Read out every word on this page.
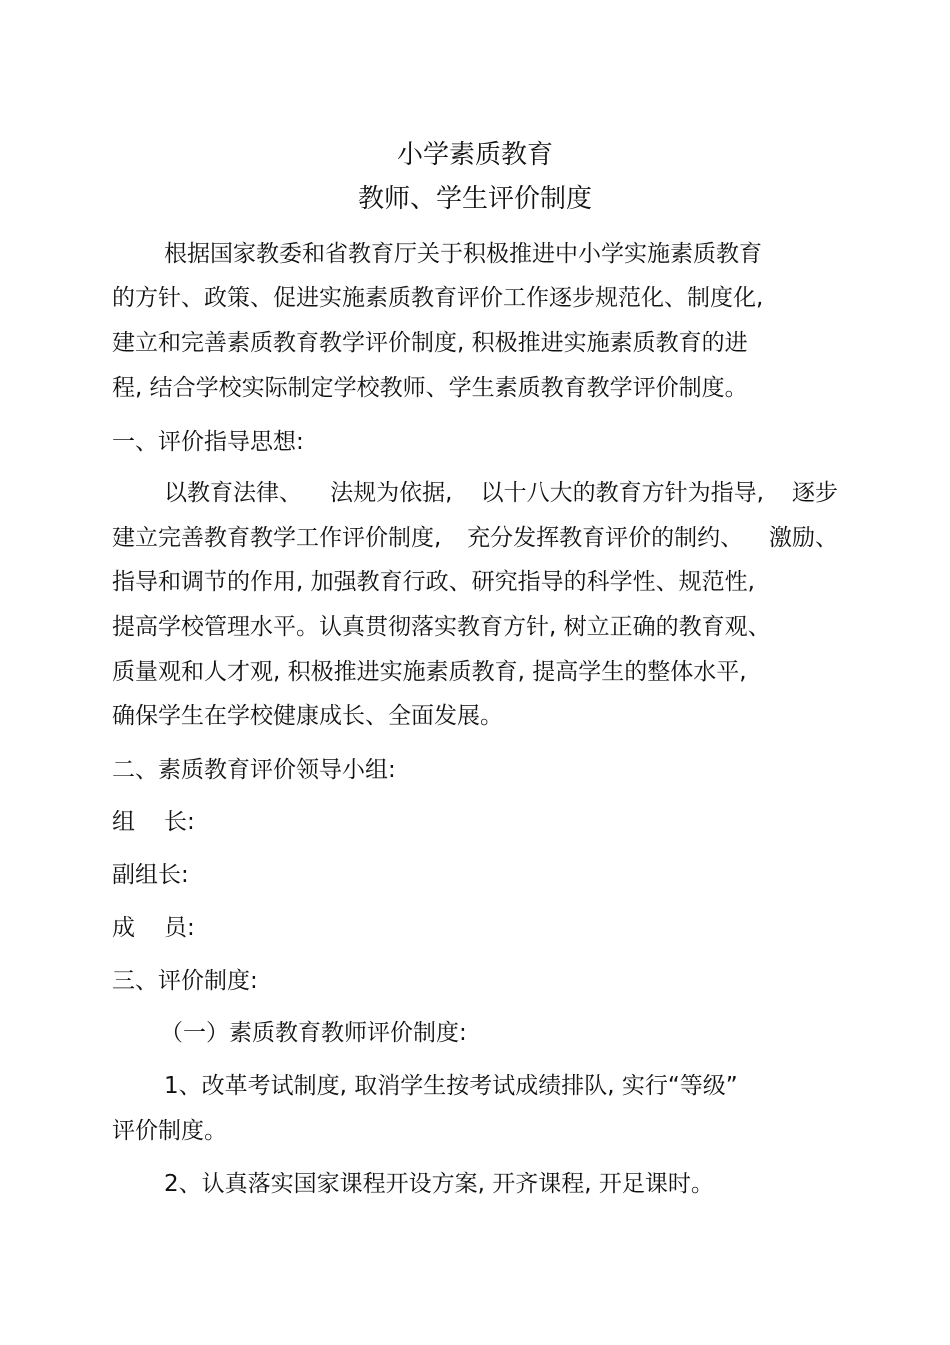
小学素质教育
教师、学生评价制度
根据国家教委和省教育厅关于积极推进中小学实施素质教育
的方针、政策、促进实施素质教育评价工作逐步规范化、制度化,
建立和完善素质教育教学评价制度, 积极推进实施素质教育的进
程, 结合学校实际制定学校教师、学生素质教育教学评价制度。
一、评价指导思想:
以教育法律、 法规为依据, 以十八大的教育方针为指导, 逐步
建立完善教育教学工作评价制度, 充分发挥教育评价的制约、 激励、
指导和调节的作用, 加强教育行政、研究指导的科学性、规范性,
提高学校管理水平。认真贯彻落实教育方针, 树立正确的教育观、
质量观和人才观, 积极推进实施素质教育, 提高学生的整体水平,
确保学生在学校健康成长、全面发展。
二、素质教育评价领导小组:
组	长:
副组长:
成	员:
三、评价制度:
（一）素质教育教师评价制度:
1、改革考试制度, 取消学生按考试成绩排队, 实行“等级”
评价制度。
2、认真落实国家课程开设方案, 开齐课程, 开足课时。
